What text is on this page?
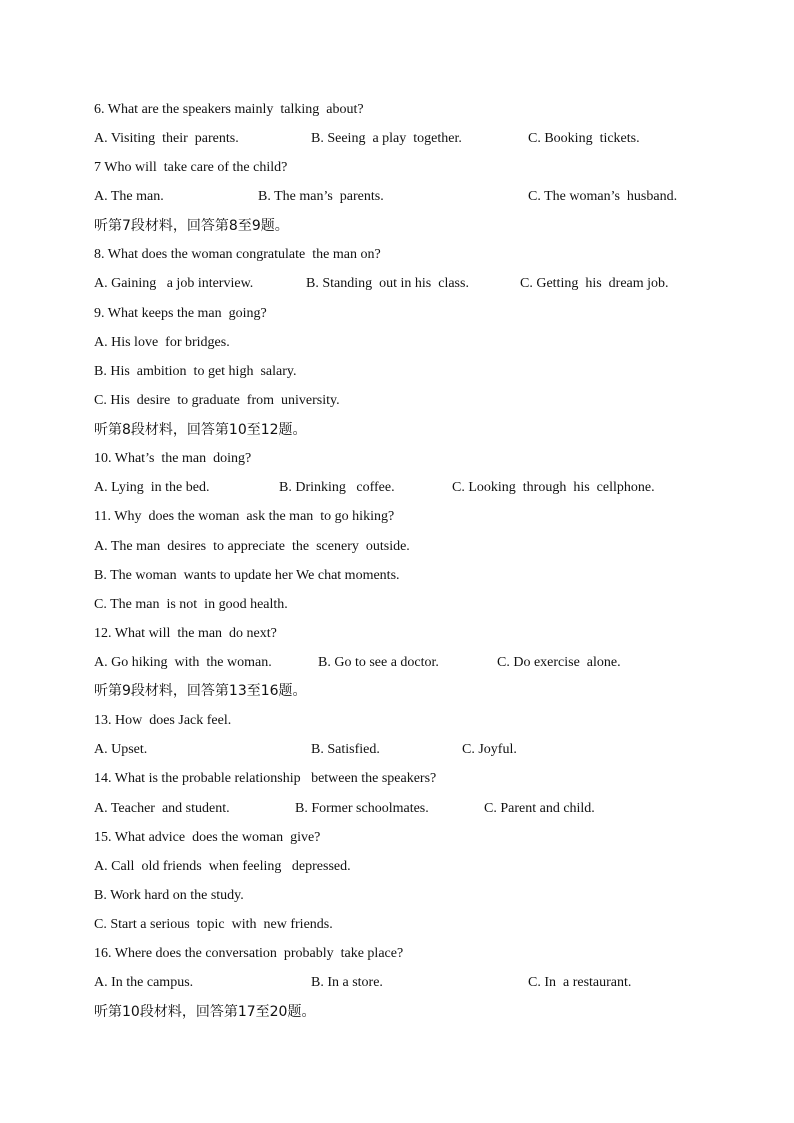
6. What are the speakers mainly  talking  about?
A. Visiting  their  parents.	B. Seeing  a play  together.	C. Booking  tickets.
7 Who will  take care of the child?
A. The man.	B. The man’s  parents.	C. The woman’s  husband.
听第7段材料，回答第8至9题。
8. What does the woman congratulate  the man on?
A. Gaining   a job interview.	B. Standing  out in his  class.	C. Getting  his  dream job.
9. What keeps the man  going?
A. His love  for bridges.
B. His  ambition  to get high  salary.
C. His  desire  to graduate  from  university.
听第8段材料，回答第10至12题。
10. What’s  the man  doing?
A. Lying  in the bed.	B. Drinking   coffee.	C. Looking  through  his  cellphone.
11. Why  does the woman  ask the man  to go hiking?
A. The man  desires  to appreciate  the  scenery  outside.
B. The woman  wants to update her We chat moments.
C. The man  is not  in good health.
12. What will  the man  do next?
A. Go hiking  with  the woman.	B. Go to see a doctor.	C. Do exercise  alone.
听第9段材料，回答第13至16题。
13. How  does Jack feel.
A. Upset.	B. Satisfied.	C. Joyful.
14. What is the probable relationship   between the speakers?
A. Teacher  and student.	B. Former schoolmates.	C. Parent and child.
15. What advice  does the woman  give?
A. Call  old friends  when feeling   depressed.
B. Work hard on the study.
C. Start a serious  topic  with  new friends.
16. Where does the conversation  probably  take place?
A. In the campus.	B. In a store.	C. In  a restaurant.
听第10段材料，回答第17至20题。
